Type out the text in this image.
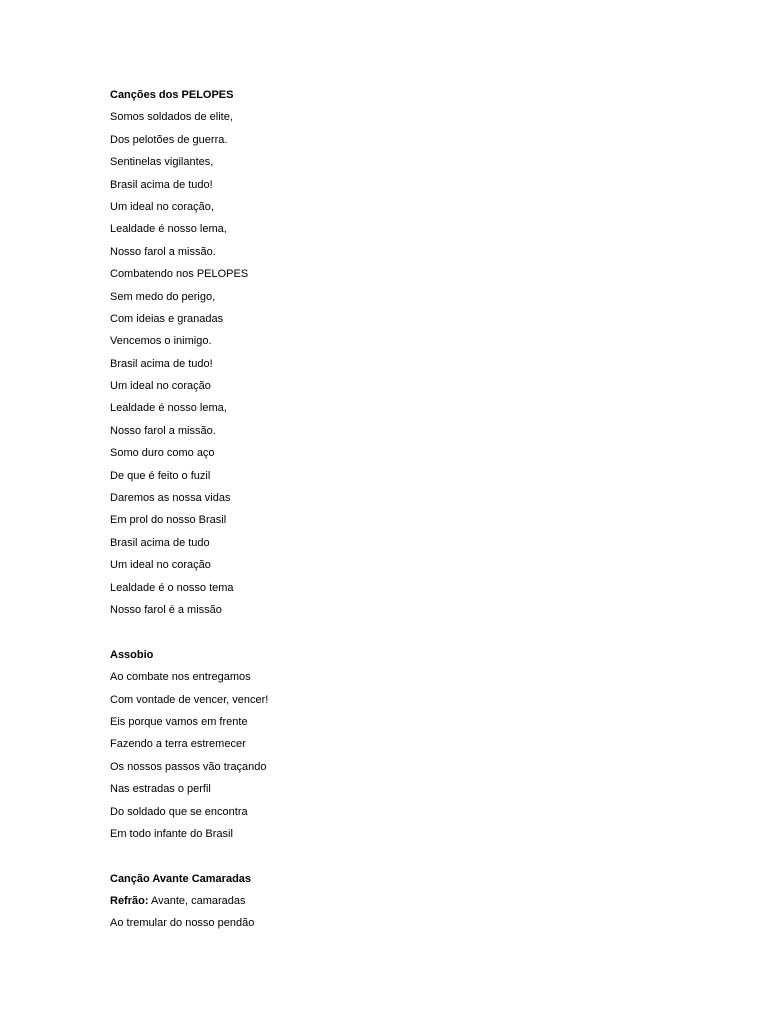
Canções dos PELOPES
Somos soldados de elite,
Dos pelotões de guerra.
Sentinelas vigilantes,
Brasil acima de tudo!
Um ideal no coração,
Lealdade é nosso lema,
Nosso farol a missão.
Combatendo nos PELOPES
Sem medo do perigo,
Com ideias e granadas
Vencemos o inimigo.
Brasil acima de tudo!
Um ideal no coração
Lealdade é nosso lema,
Nosso farol a missão.
Somo duro como aço
De que é feito o fuzil
Daremos as nossa vidas
Em prol do nosso Brasil
Brasil acima de tudo
Um ideal no coração
Lealdade é o nosso tema
Nosso farol é a missão
Assobio
Ao combate nos entregamos
Com vontade de vencer, vencer!
Eis porque vamos em frente
Fazendo a terra estremecer
Os nossos passos vão traçando
Nas estradas o perfil
Do soldado que se encontra
Em todo infante do Brasil
Canção Avante Camaradas
Refrão: Avante, camaradas
Ao tremular do nosso pendão
